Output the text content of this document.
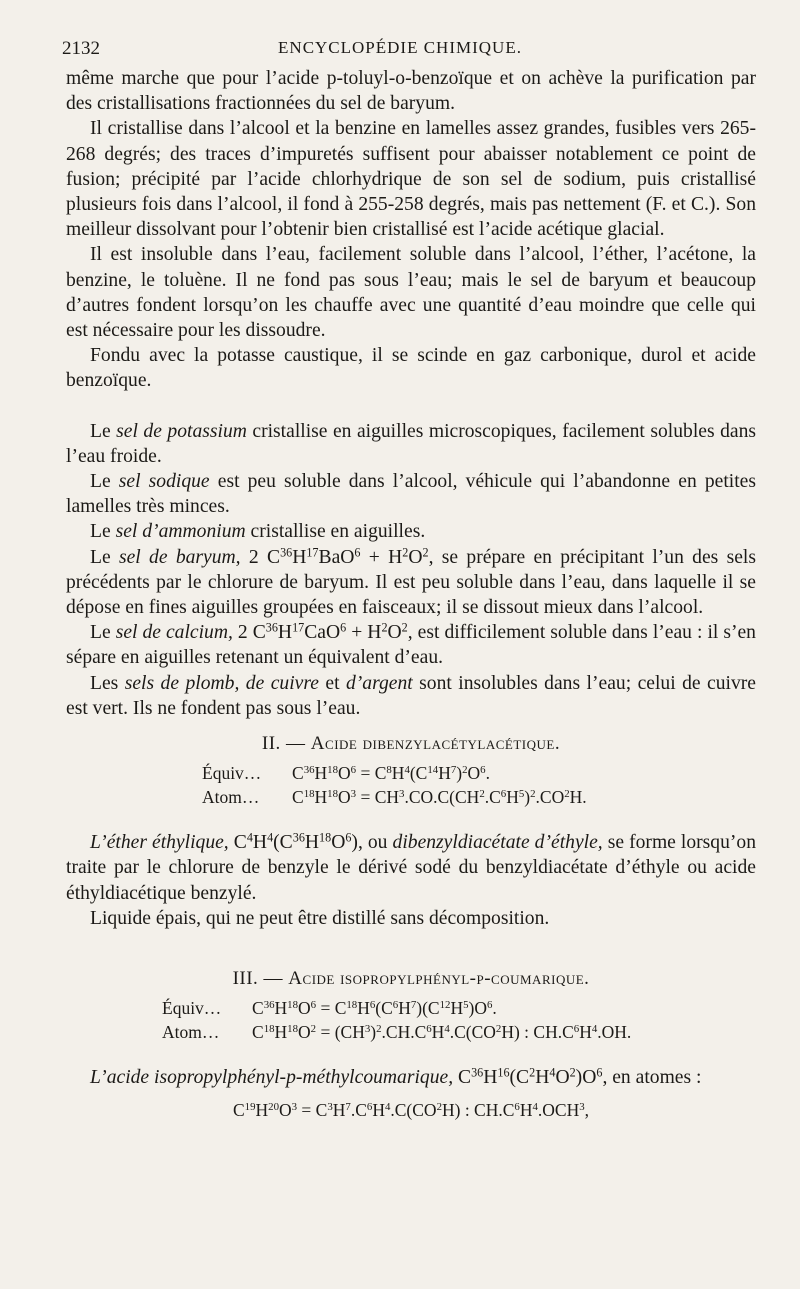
2132	ENCYCLOPÉDIE CHIMIQUE.

même marche que pour l’acide p-toluyl-o-benzoïque et on achève la purification par des cristallisations fractionnées du sel de baryum.

Il cristallise dans l’alcool et la benzine en lamelles assez grandes, fusibles vers 265-268 degrés; des traces d’impuretés suffisent pour abaisser notablement ce point de fusion; précipité par l’acide chlorhydrique de son sel de sodium, puis cristallisé plusieurs fois dans l’alcool, il fond à 255-258 degrés, mais pas nettement (F. et C.). Son meilleur dissolvant pour l’obtenir bien cristallisé est l’acide acétique glacial.

Il est insoluble dans l’eau, facilement soluble dans l’alcool, l’éther, l’acétone, la benzine, le toluène. Il ne fond pas sous l’eau; mais le sel de baryum et beaucoup d’autres fondent lorsqu’on les chauffe avec une quantité d’eau moindre que celle qui est nécessaire pour les dissoudre.

Fondu avec la potasse caustique, il se scinde en gaz carbonique, durol et acide benzoïque.

Le sel de potassium cristallise en aiguilles microscopiques, facilement solubles dans l’eau froide.

Le sel sodique est peu soluble dans l’alcool, véhicule qui l’abandonne en petites lamelles très minces.

Le sel d’ammonium cristallise en aiguilles.

Le sel de baryum, 2 $C^{36}H^{17}BaO^6 + H^2O^2$, se prépare en précipitant l’un des sels précédents par le chlorure de baryum. Il est peu soluble dans l’eau, dans laquelle il se dépose en fines aiguilles groupées en faisceaux; il se dissout mieux dans l’alcool.

Le sel de calcium, 2 $C^{36}H^{17}CaO^6 + H^2O^2$, est difficilement soluble dans l’eau : il s’en sépare en aiguilles retenant un équivalent d’eau.

Les sels de plomb, de cuivre et d’argent sont insolubles dans l’eau; celui de cuivre est vert. Ils ne fondent pas sous l’eau.

II. — Acide dibenzylacétylacétique.
Équiv… $C^{36}H^{18}O^6 = C^8H^4(C^{14}H^7)^2O^6$.
Atom… $C^{18}H^{18}O^3 = CH^3.CO.C(CH^2.C^6H^5)^2.CO^2H$.

L’éther éthylique, $C^4H^4(C^{36}H^{18}O^6)$, ou dibenzyldiacétate d’éthyle, se forme lorsqu’on traite par le chlorure de benzyle le dérivé sodé du benzyldiacétate d’éthyle ou acide éthyldiacétique benzylé.

Liquide épais, qui ne peut être distillé sans décomposition.

III. — Acide isopropylphényl-p-coumarique.
Équiv… $C^{36}H^{18}O^6 = C^{18}H^6(C^6H^7)(C^{12}H^5)O^6$.
Atom… $C^{18}H^{18}O^2 = (CH^3)^2.CH.C^6H^4.C(CO^2H)$ : $CH.C^6H^4.OH$.

L’acide isopropylphényl-p-méthylcoumarique, $C^{36}H^{16}(C^2H^4O^2)O^6$, en atomes :

$C^{19}H^{20}O^3 = C^3H^7.C^6H^4.C(CO^2H)$ : $CH.C^6H^4.OCH^3$,
